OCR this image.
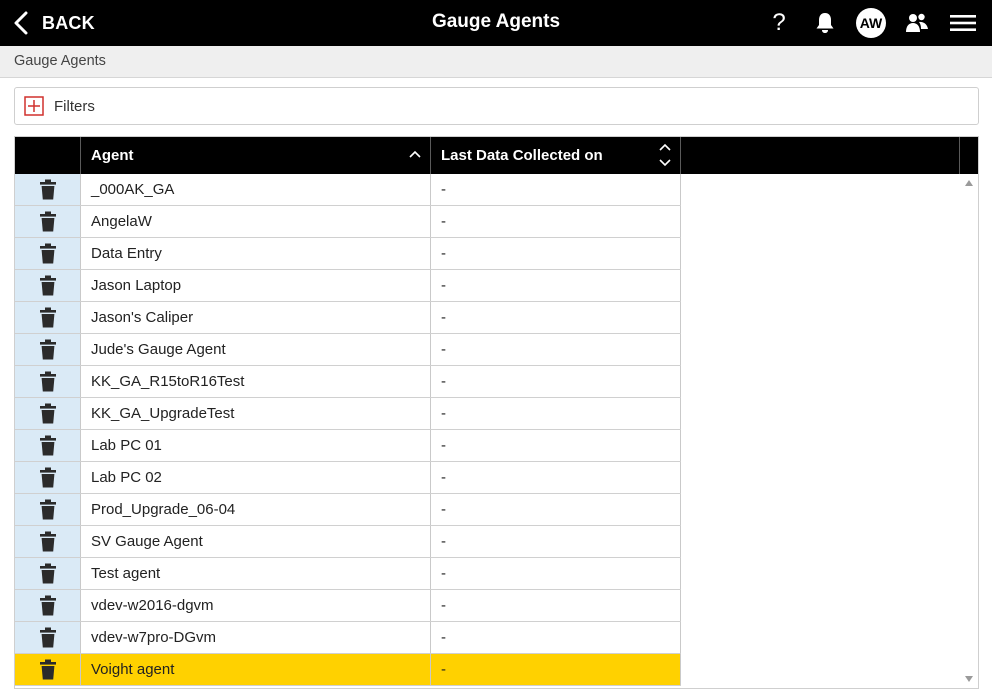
BACK	Gauge Agents	?	AW
Gauge Agents
Filters
Agent	Last Data Collected on
_000AK_GA	-
AngelaW	-
Data Entry	-
Jason Laptop	-
Jason's Caliper	-
Jude's Gauge Agent	-
KK_GA_R15toR16Test	-
KK_GA_UpgradeTest	-
Lab PC 01	-
Lab PC 02	-
Prod_Upgrade_06-04	-
SV Gauge Agent	-
Test agent	-
vdev-w2016-dgvm	-
vdev-w7pro-DGvm	-
Voight agent	-
